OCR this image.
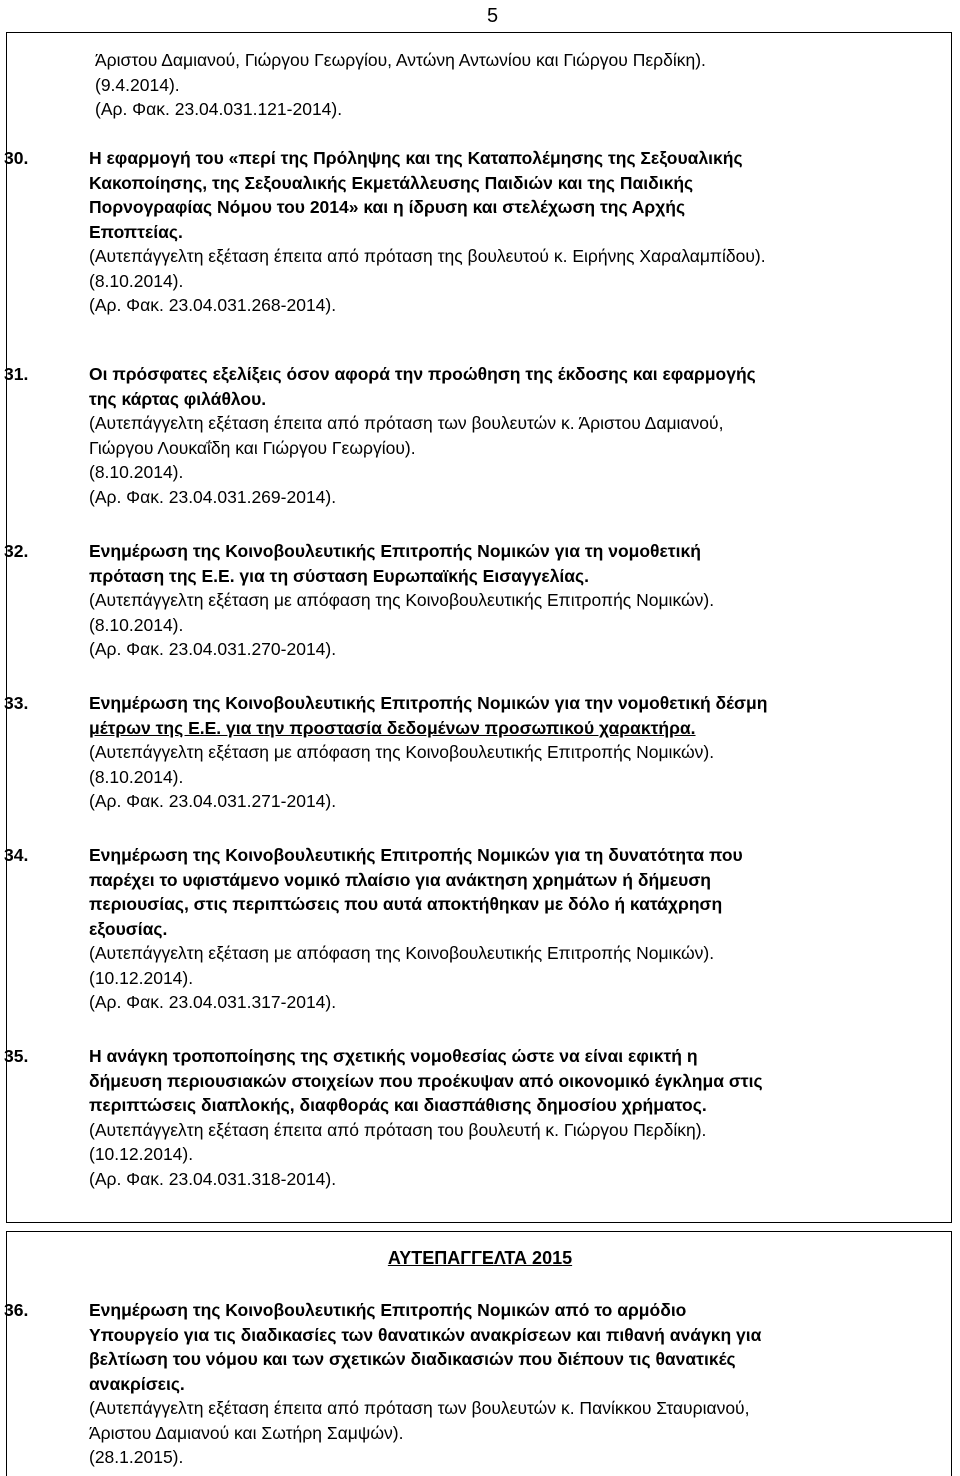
5
Άριστου Δαμιανού, Γιώργου Γεωργίου, Αντώνη Αντωνίου και Γιώργου Περδίκη).
(9.4.2014).
(Αρ. Φακ. 23.04.031.121-2014).
30.	Η εφαρμογή του «περί της Πρόληψης και της Καταπολέμησης της Σεξουαλικής
Κακοποίησης, της Σεξουαλικής Εκμετάλλευσης Παιδιών και της Παιδικής
Πορνογραφίας Νόμου του 2014» και η ίδρυση και στελέχωση της Αρχής
Εποπτείας.
(Αυτεπάγγελτη εξέταση έπειτα από πρόταση της βουλευτού κ. Ειρήνης Χαραλαμπίδου).
(8.10.2014).
(Αρ. Φακ. 23.04.031.268-2014).
31.	Οι πρόσφατες εξελίξεις όσον αφορά την προώθηση της έκδοσης και εφαρμογής
της κάρτας φιλάθλου.
(Αυτεπάγγελτη εξέταση έπειτα από πρόταση των βουλευτών κ. Άριστου Δαμιανού,
Γιώργου Λουκαΐδη και Γιώργου Γεωργίου).
(8.10.2014).
(Αρ. Φακ. 23.04.031.269-2014).
32.	Ενημέρωση της Κοινοβουλευτικής Επιτροπής Νομικών για τη νομοθετική
πρόταση της Ε.Ε. για τη σύσταση Ευρωπαϊκής Εισαγγελίας.
(Αυτεπάγγελτη εξέταση με απόφαση της Κοινοβουλευτικής Επιτροπής Νομικών).
(8.10.2014).
(Αρ. Φακ. 23.04.031.270-2014).
33.	Ενημέρωση της Κοινοβουλευτικής Επιτροπής Νομικών για την νομοθετική δέσμη
μέτρων της Ε.Ε. για την προστασία δεδομένων προσωπικού χαρακτήρα.
(Αυτεπάγγελτη εξέταση με απόφαση της Κοινοβουλευτικής Επιτροπής Νομικών).
(8.10.2014).
(Αρ. Φακ. 23.04.031.271-2014).
34.	Ενημέρωση της Κοινοβουλευτικής Επιτροπής Νομικών για τη δυνατότητα που
παρέχει το υφιστάμενο νομικό πλαίσιο για ανάκτηση χρημάτων ή δήμευση
περιουσίας, στις περιπτώσεις που αυτά αποκτήθηκαν με δόλο ή κατάχρηση
εξουσίας.
(Αυτεπάγγελτη εξέταση με απόφαση της Κοινοβουλευτικής Επιτροπής Νομικών).
(10.12.2014).
(Αρ. Φακ. 23.04.031.317-2014).
35.	Η ανάγκη τροποποίησης της σχετικής νομοθεσίας ώστε να είναι εφικτή η
δήμευση περιουσιακών στοιχείων που προέκυψαν από οικονομικό έγκλημα στις
περιπτώσεις διαπλοκής, διαφθοράς και διασπάθισης δημοσίου χρήματος.
(Αυτεπάγγελτη εξέταση έπειτα από πρόταση του βουλευτή κ. Γιώργου Περδίκη).
(10.12.2014).
(Αρ. Φακ. 23.04.031.318-2014).
ΑΥΤΕΠΑΓΓΕΛΤΑ 2015
36.	Ενημέρωση της Κοινοβουλευτικής Επιτροπής Νομικών από το αρμόδιο
Υπουργείο για τις διαδικασίες των θανατικών ανακρίσεων και πιθανή ανάγκη για
βελτίωση του νόμου και των σχετικών διαδικασιών που διέπουν τις θανατικές
ανακρίσεις.
(Αυτεπάγγελτη εξέταση έπειτα από πρόταση των βουλευτών κ. Πανίκκου Σταυριανού,
Άριστου Δαμιανού και Σωτήρη Σαμψών).
(28.1.2015).
